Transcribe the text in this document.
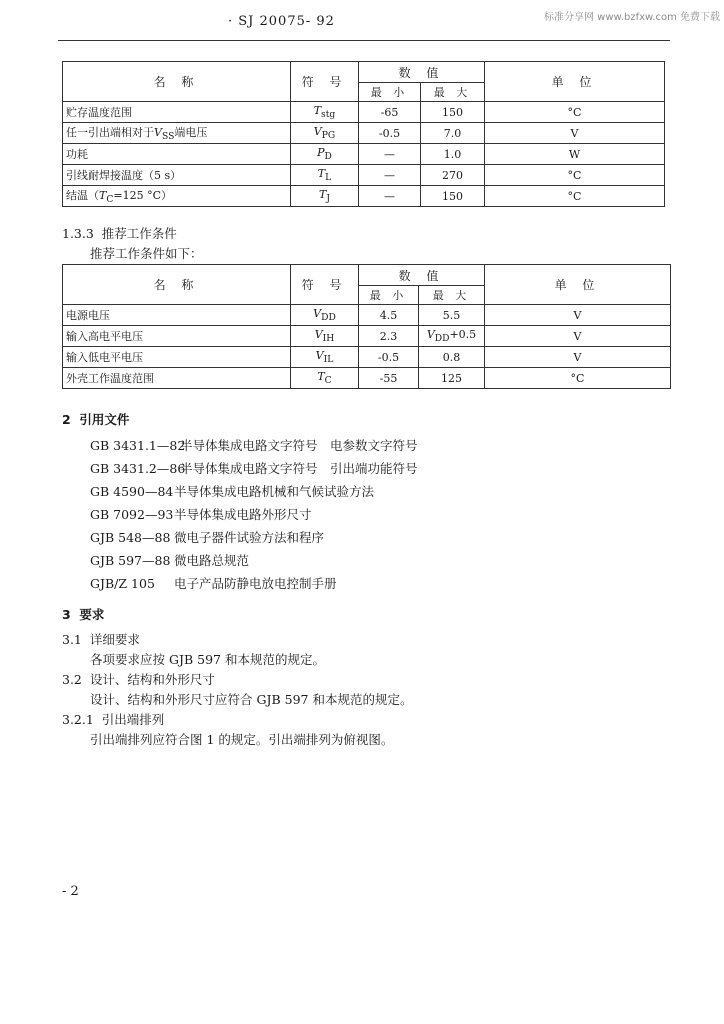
· SJ 20075- 92	标准分享网 www.bzfxw.com 免费下载
名 称	符 号	数 值		单 位
		最 小	最 大	
贮存温度范围	$T_{stg}$	-65	150	°C
任一引出端相对于$V_{SS}$端电压	$V_{PG}$	-0.5	7.0	V
功耗	$P_D$	—	1.0	W
引线耐焊接温度（5 s）	$T_L$	—	270	°C
结温（$T_C=125$ °C）	$T_J$	—	150	°C
1.3.3 推荐工作条件
推荐工作条件如下：
名 称	符 号	数 值		单 位
		最 小	最 大	
电源电压	$V_{DD}$	4.5	5.5	V
输入高电平电压	$V_{IH}$	2.3	$V_{DD}+0.5$	V
输入低电平电压	$V_{IL}$	-0.5	0.8	V
外壳工作温度范围	$T_C$	-55	125	°C
2 引用文件
GB 3431.1—82半导体集成电路文字符号　电参数文字符号
GB 3431.2—86半导体集成电路文字符号　引出端功能符号
GB 4590—84半导体集成电路机械和气候试验方法
GB 7092—93半导体集成电路外形尺寸
GJB 548—88 微电子器件试验方法和程序
GJB 597—88 微电路总规范
GJB/Z 105 电子产品防静电放电控制手册
3 要求
3.1 详细要求
各项要求应按 GJB 597 和本规范的规定。
3.2 设计、结构和外形尺寸
设计、结构和外形尺寸应符合 GJB 597 和本规范的规定。
3.2.1 引出端排列
引出端排列应符合图 1 的规定。引出端排列为俯视图。
- 2
